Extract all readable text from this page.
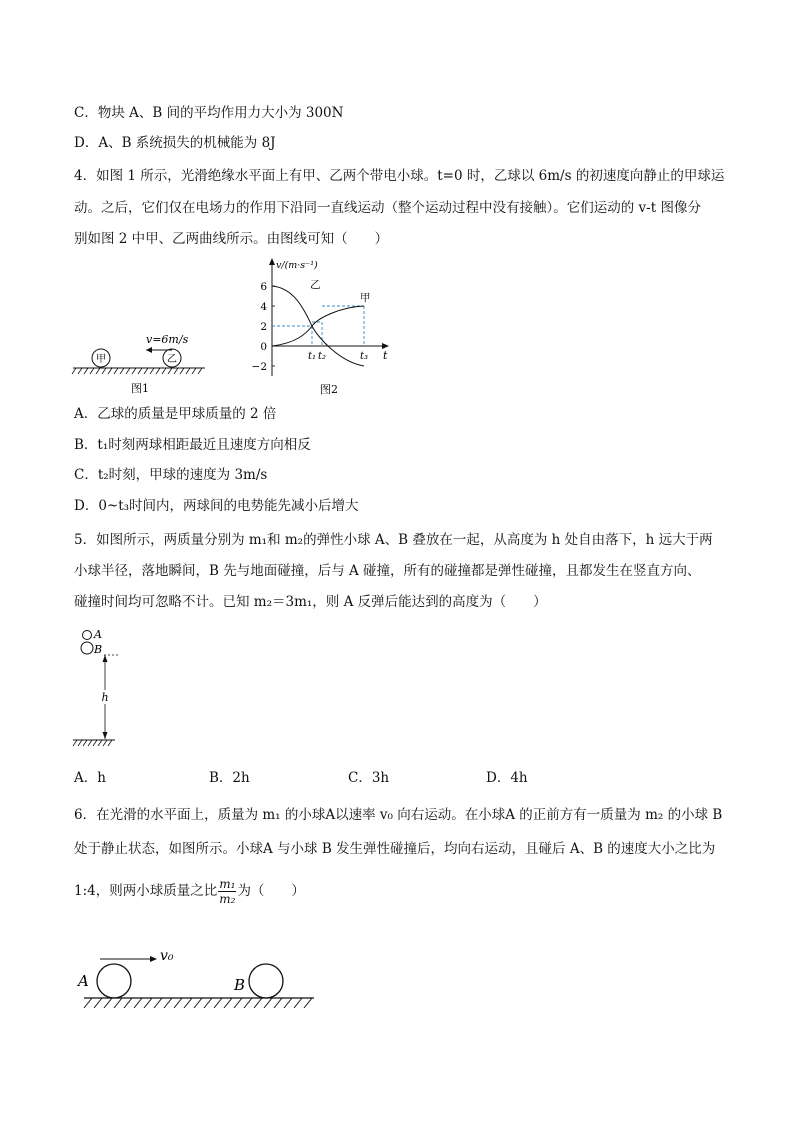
C．物块 A、B 间的平均作用力大小为 300N
D．A、B 系统损失的机械能为 8J
4．如图 1 所示，光滑绝缘水平面上有甲、乙两个带电小球。t=0 时，乙球以 6m/s 的初速度向静止的甲球运
动。之后，它们仅在电场力的作用下沿同一直线运动（整个运动过程中没有接触）。它们运动的 v-t 图像分
别如图 2 中甲、乙两曲线所示。由图线可知（　　）
v=6m/s
甲	乙
图1
v/(m·s⁻¹)
t
图2
6
4
2
0
−2
t₁ t₂	t₃
甲
乙
A．乙球的质量是甲球质量的 2 倍
B．t₁时刻两球相距最近且速度方向相反
C．t₂时刻，甲球的速度为 3m/s
D．0~t₃时间内，两球间的电势能先减小后增大
5．如图所示，两质量分别为 m₁和 m₂的弹性小球 A、B 叠放在一起，从高度为 h 处自由落下，h 远大于两
小球半径，落地瞬间，B 先与地面碰撞，后与 A 碰撞，所有的碰撞都是弹性碰撞，且都发生在竖直方向、
碰撞时间均可忽略不计。已知 m₂＝3m₁，则 A 反弹后能达到的高度为（　　）
A
B
h
A．h	B．2h	C．3h	D．4h
6．在光滑的水平面上，质量为 m₁ 的小球A以速率 v₀ 向右运动。在小球A 的正前方有一质量为 m₂ 的小球 B
处于静止状态，如图所示。小球A 与小球 B 发生弹性碰撞后，均向右运动，且碰后 A、B 的速度大小之比为
1:4，则两小球质量之比 $\frac{\text{m₁}}{\text{m₂}}$ 为（　　）
v₀
A	B
